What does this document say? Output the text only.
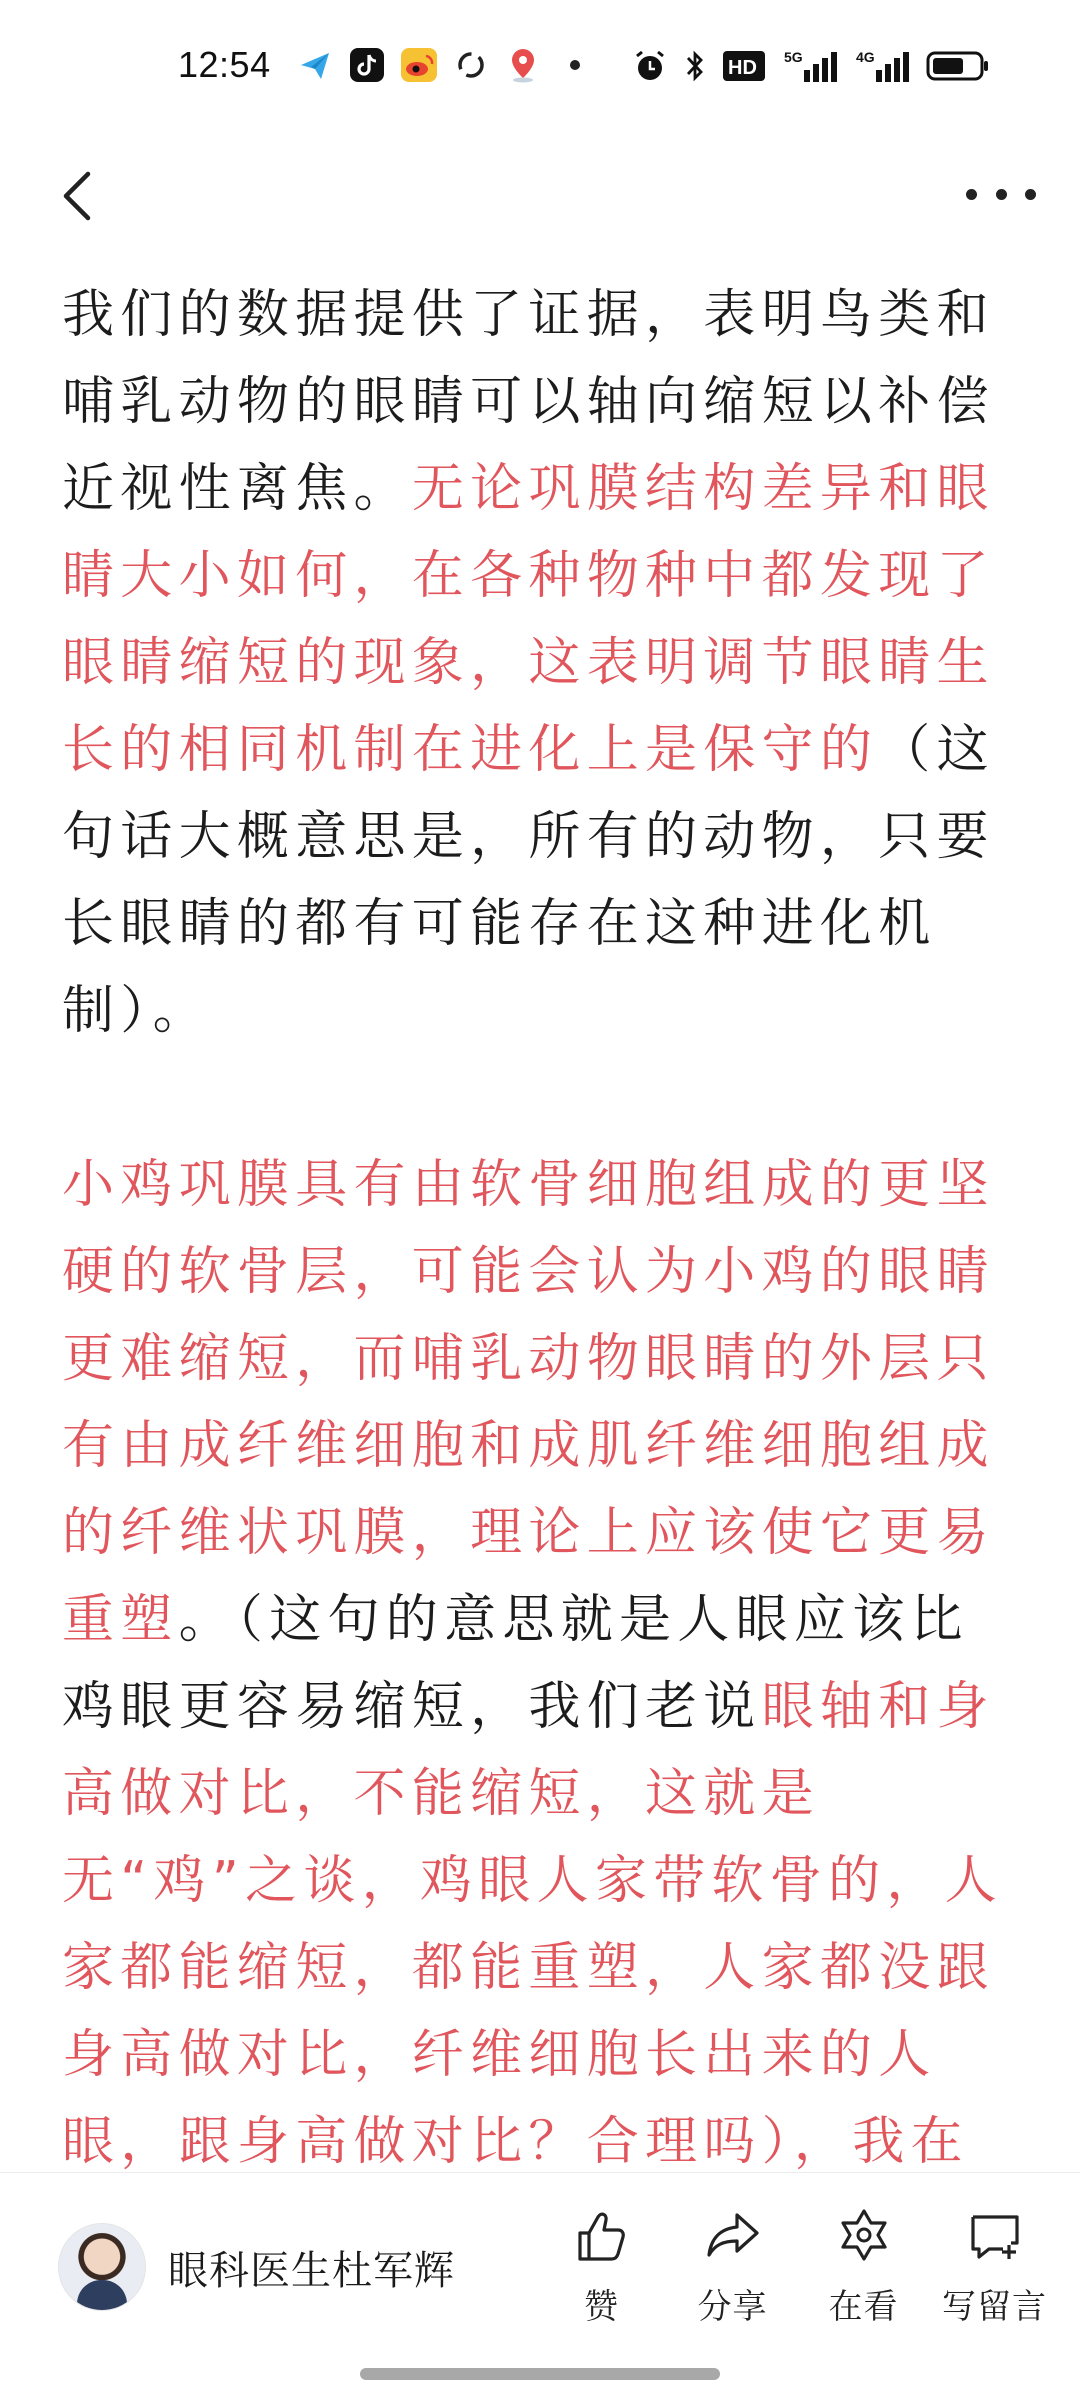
12:54	HD 5G	4G

我们的数据提供了证据，表明鸟类和哺乳动物的眼睛可以轴向缩短以补偿近视性离焦。无论巩膜结构差异和眼睛大小如何，在各种物种中都发现了眼睛缩短的现象，这表明调节眼睛生长的相同机制在进化上是保守的（这句话大概意思是，所有的动物，只要长眼睛的都有可能存在这种进化机制）。

小鸡巩膜具有由软骨细胞组成的更坚硬的软骨层，可能会认为小鸡的眼睛更难缩短，而哺乳动物眼睛的外层只有由成纤维细胞和成肌纤维细胞组成的纤维状巩膜，理论上应该使它更易重塑。（这句的意思就是人眼应该比鸡眼更容易缩短，我们老说眼轴和身高做对比，不能缩短，这就是无“鸡”之谈，鸡眼人家带软骨的，人家都能缩短，都能重塑，人家都没跟身高做对比，纤维细胞长出来的人眼，跟身高做对比？合理吗），我在

眼科医生杜军辉
赞 分享 在看 写留言
